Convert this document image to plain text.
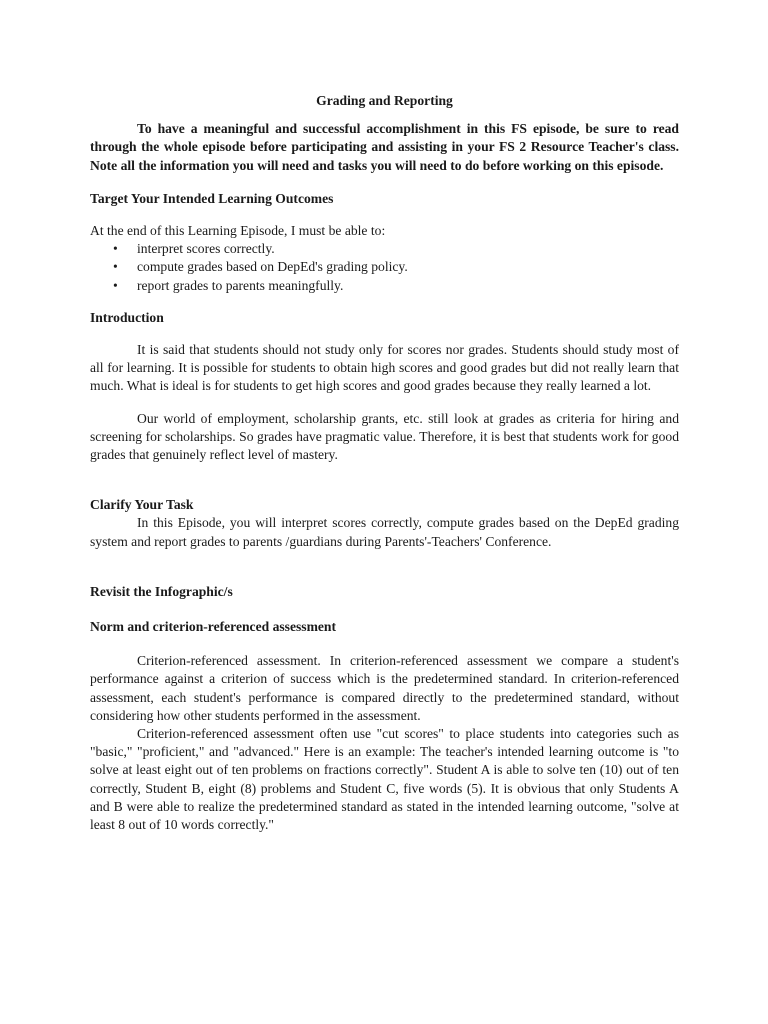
Grading and Reporting

To have a meaningful and successful accomplishment in this FS episode, be sure to read through the whole episode before participating and assisting in your FS 2 Resource Teacher's class. Note all the information you will need and tasks you will need to do before working on this episode.

Target Your Intended Learning Outcomes

At the end of this Learning Episode, I must be able to:

• interpret scores correctly.
• compute grades based on DepEd's grading policy.
• report grades to parents meaningfully.

Introduction

It is said that students should not study only for scores nor grades. Students should study most of all for learning. It is possible for students to obtain high scores and good grades but did not really learn that much. What is ideal is for students to get high scores and good grades because they really learned a lot.

Our world of employment, scholarship grants, etc. still look at grades as criteria for hiring and screening for scholarships. So grades have pragmatic value. Therefore, it is best that students work for good grades that genuinely reflect level of mastery.

Clarify Your Task

In this Episode, you will interpret scores correctly, compute grades based on the DepEd grading system and report grades to parents /guardians during Parents'-Teachers' Conference.

Revisit the Infographic/s

Norm and criterion-referenced assessment

Criterion-referenced assessment. In criterion-referenced assessment we compare a student's performance against a criterion of success which is the predetermined standard. In criterion-referenced assessment, each student's performance is compared directly to the predetermined standard, without considering how other students performed in the assessment.

Criterion-referenced assessment often use "cut scores" to place students into categories such as "basic," "proficient," and "advanced." Here is an example: The teacher's intended learning outcome is "to solve at least eight out of ten problems on fractions correctly". Student A is able to solve ten (10) out of ten correctly, Student B, eight (8) problems and Student C, five words (5). It is obvious that only Students A and B were able to realize the predetermined standard as stated in the intended learning outcome, "solve at least 8 out of 10 words correctly."
